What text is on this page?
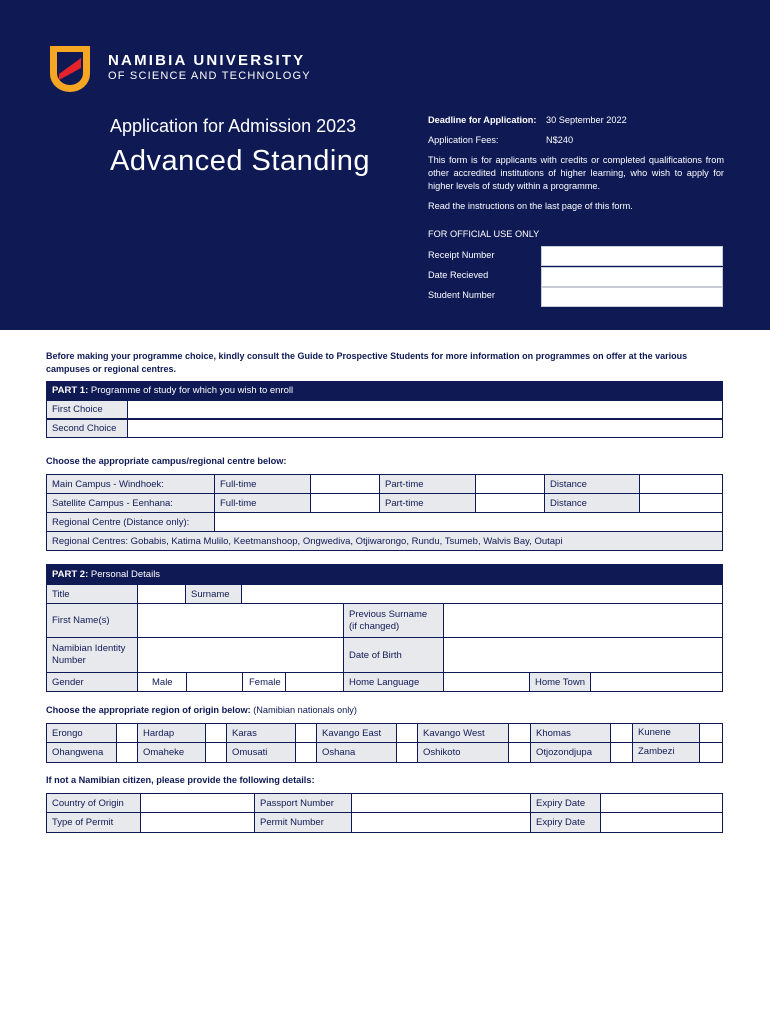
NAMIBIA UNIVERSITY
OF SCIENCE AND TECHNOLOGY
Application for Admission 2023
Advanced Standing
Deadline for Application: 30 September 2022
Application Fees:	N$240
This form is for applicants with credits or completed qualifications from other accredited institutions of higher learning, who wish to apply for higher levels of study within a programme.
Read the instructions on the last page of this form.
FOR OFFICIAL USE ONLY
Receipt Number
Date Recieved
Student Number
Before making your programme choice, kindly consult the Guide to Prospective Students for more information on programmes on offer at the various campuses or regional centres.
PART 1: Programme of study for which you wish to enroll
First Choice
Second Choice
Choose the appropriate campus/regional centre below:
Main Campus - Windhoek:	Full-time	Part-time	Distance
Satellite Campus - Eenhana:	Full-time	Part-time	Distance
Regional Centre (Distance only):
Regional Centres: Gobabis, Katima Mulilo, Keetmanshoop, Ongwediva, Otjiwarongo, Rundu, Tsumeb, Walvis Bay, Outapi
PART 2: Personal Details
Title	Surname
First Name(s)
Previous Surname
(if changed)
Namibian Identity
Number	Date of Birth
Gender	Male	Female	Home Language	Home Town
Choose the appropriate region of origin below: (Namibian nationals only)
Erongo	Hardap	Karas	Kavango East	Kavango West	Khomas	Kunene
Ohangwena	Omaheke	Omusati	Oshana	Oshikoto	Otjozondjupa	Zambezi
If not a Namibian citizen, please provide the following details:
Country of Origin	Passport Number	Expiry Date
Type of Permit	Permit Number	Expiry Date
